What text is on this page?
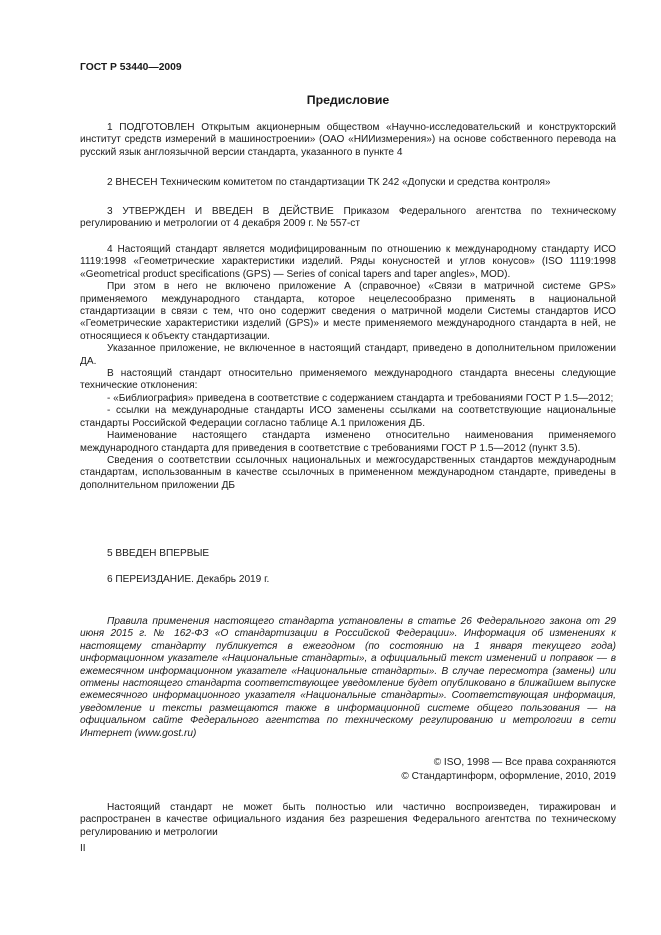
ГОСТ Р 53440—2009
Предисловие

1 ПОДГОТОВЛЕН Открытым акционерным обществом «Научно-исследовательский и конструкторский институт средств измерений в машиностроении» (ОАО «НИИизмерения») на основе собственного перевода на русский язык англоязычной версии стандарта, указанного в пункте 4

2 ВНЕСЕН Техническим комитетом по стандартизации ТК 242 «Допуски и средства контроля»

3 УТВЕРЖДЕН И ВВЕДЕН В ДЕЙСТВИЕ Приказом Федерального агентства по техническому регулированию и метрологии от 4 декабря 2009 г. № 557-ст

4 Настоящий стандарт является модифицированным по отношению к международному стандарту ИСО 1119:1998 «Геометрические характеристики изделий. Ряды конусностей и углов конусов» (ISO 1119:1998 «Geometrical product specifications (GPS) — Series of conical tapers and taper angles», MOD).

При этом в него не включено приложение А (справочное) «Связи в матричной системе GPS» применяемого международного стандарта, которое нецелесообразно применять в национальной стандартизации в связи с тем, что оно содержит сведения о матричной модели Системы стандартов ИСО «Геометрические характеристики изделий (GPS)» и месте применяемого международного стандарта в ней, не относящиеся к объекту стандартизации.

Указанное приложение, не включенное в настоящий стандарт, приведено в дополнительном приложении ДА.

В настоящий стандарт относительно применяемого международного стандарта внесены следующие технические отклонения:

- «Библиография» приведена в соответствие с содержанием стандарта и требованиями ГОСТ Р 1.5—2012;

- ссылки на международные стандарты ИСО заменены ссылками на соответствующие национальные стандарты Российской Федерации согласно таблице А.1 приложения ДБ.

Наименование настоящего стандарта изменено относительно наименования применяемого международного стандарта для приведения в соответствие с требованиями ГОСТ Р 1.5—2012 (пункт 3.5).

Сведения о соответствии ссылочных национальных и межгосударственных стандартов международным стандартам, использованным в качестве ссылочных в примененном международном стандарте, приведены в дополнительном приложении ДБ

5 ВВЕДЕН ВПЕРВЫЕ

6 ПЕРЕИЗДАНИЕ. Декабрь 2019 г.

Правила применения настоящего стандарта установлены в статье 26 Федерального закона от 29 июня 2015 г. № 162-ФЗ «О стандартизации в Российской Федерации». Информация об изменениях к настоящему стандарту публикуется в ежегодном (по состоянию на 1 января текущего года) информационном указателе «Национальные стандарты», а официальный текст изменений и поправок — в ежемесячном информационном указателе «Национальные стандарты». В случае пересмотра (замены) или отмены настоящего стандарта соответствующее уведомление будет опубликовано в ближайшем выпуске ежемесячного информационного указателя «Национальные стандарты». Соответствующая информация, уведомление и тексты размещаются также в информационной системе общего пользования — на официальном сайте Федерального агентства по техническому регулированию и метрологии в сети Интернет (www.gost.ru)

© ISO, 1998 — Все права сохраняются
© Стандартинформ, оформление, 2010, 2019

Настоящий стандарт не может быть полностью или частично воспроизведен, тиражирован и распространен в качестве официального издания без разрешения Федерального агентства по техническому регулированию и метрологии

II
